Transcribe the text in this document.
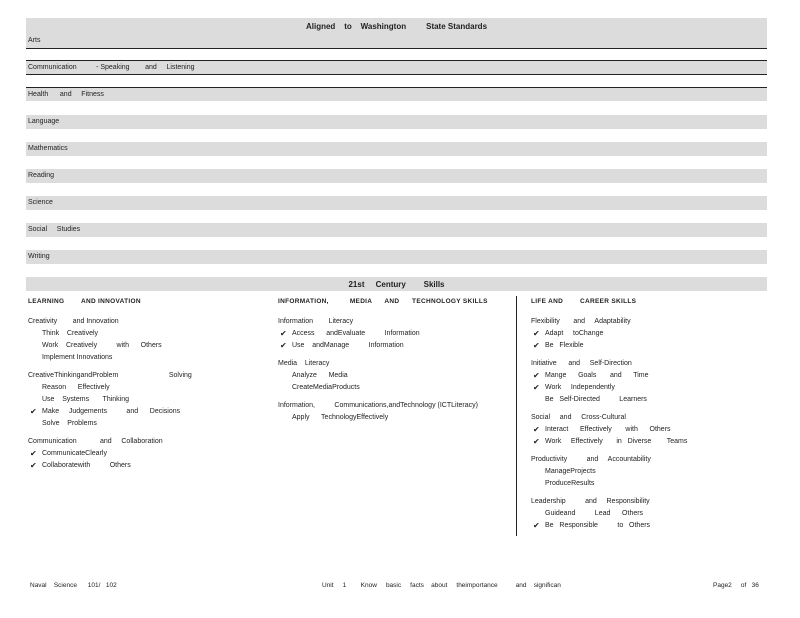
Aligned    to    Washington         State Standards
Arts
Communication          - Speaking        and     Listening
Health      and     Fitness
Language
Mathematics
Reading
Science
Social     Studies
Writing
21st     Century        Skills
LEARNING        AND INNOVATION
Creativity        and Innovation
Think    Creatively
Work    Creatively          with      Others
Implement Innovations
CreativeThinkingandProblem                          Solving
Reason      Effectively
Use    Systems       Thinking
✔ Make     Judgements          and      Decisions
Solve    Problems
Communication            and     Collaboration
✔ CommunicateClearly
✔ Collaboratewith          Others
INFORMATION,          MEDIA      AND      TECHNOLOGY SKILLS
Information        Literacy
✔ Access      andEvaluate          Information
✔ Use    andManage          Information
Media    Literacy
Analyze      Media
CreateMediaProducts
Information,          Communications,andTechnology (ICTLiteracy)
Apply      TechnologyEffectively
LIFE AND        CAREER SKILLS
Flexibility       and     Adaptability
✔ Adapt     toChange
✔ Be   Flexible
Initiative      and     Self-Direction
✔ Mange      Goals       and      Time
✔ Work     Independently
Be   Self-Directed          Learners
Social     and     Cross-Cultural
✔ Interact      Effectively       with      Others
✔ Work     Effectively       in   Diverse        Teams
Productivity          and     Accountability
ManageProjects
ProduceResults
Leadership          and     Responsibility
Guideand          Lead      Others
✔ Be   Responsible          to   Others
Naval    Science      101/   102	Unit     1        Know     basic     facts    about     theimportance          and    significan	Page2     of   36
